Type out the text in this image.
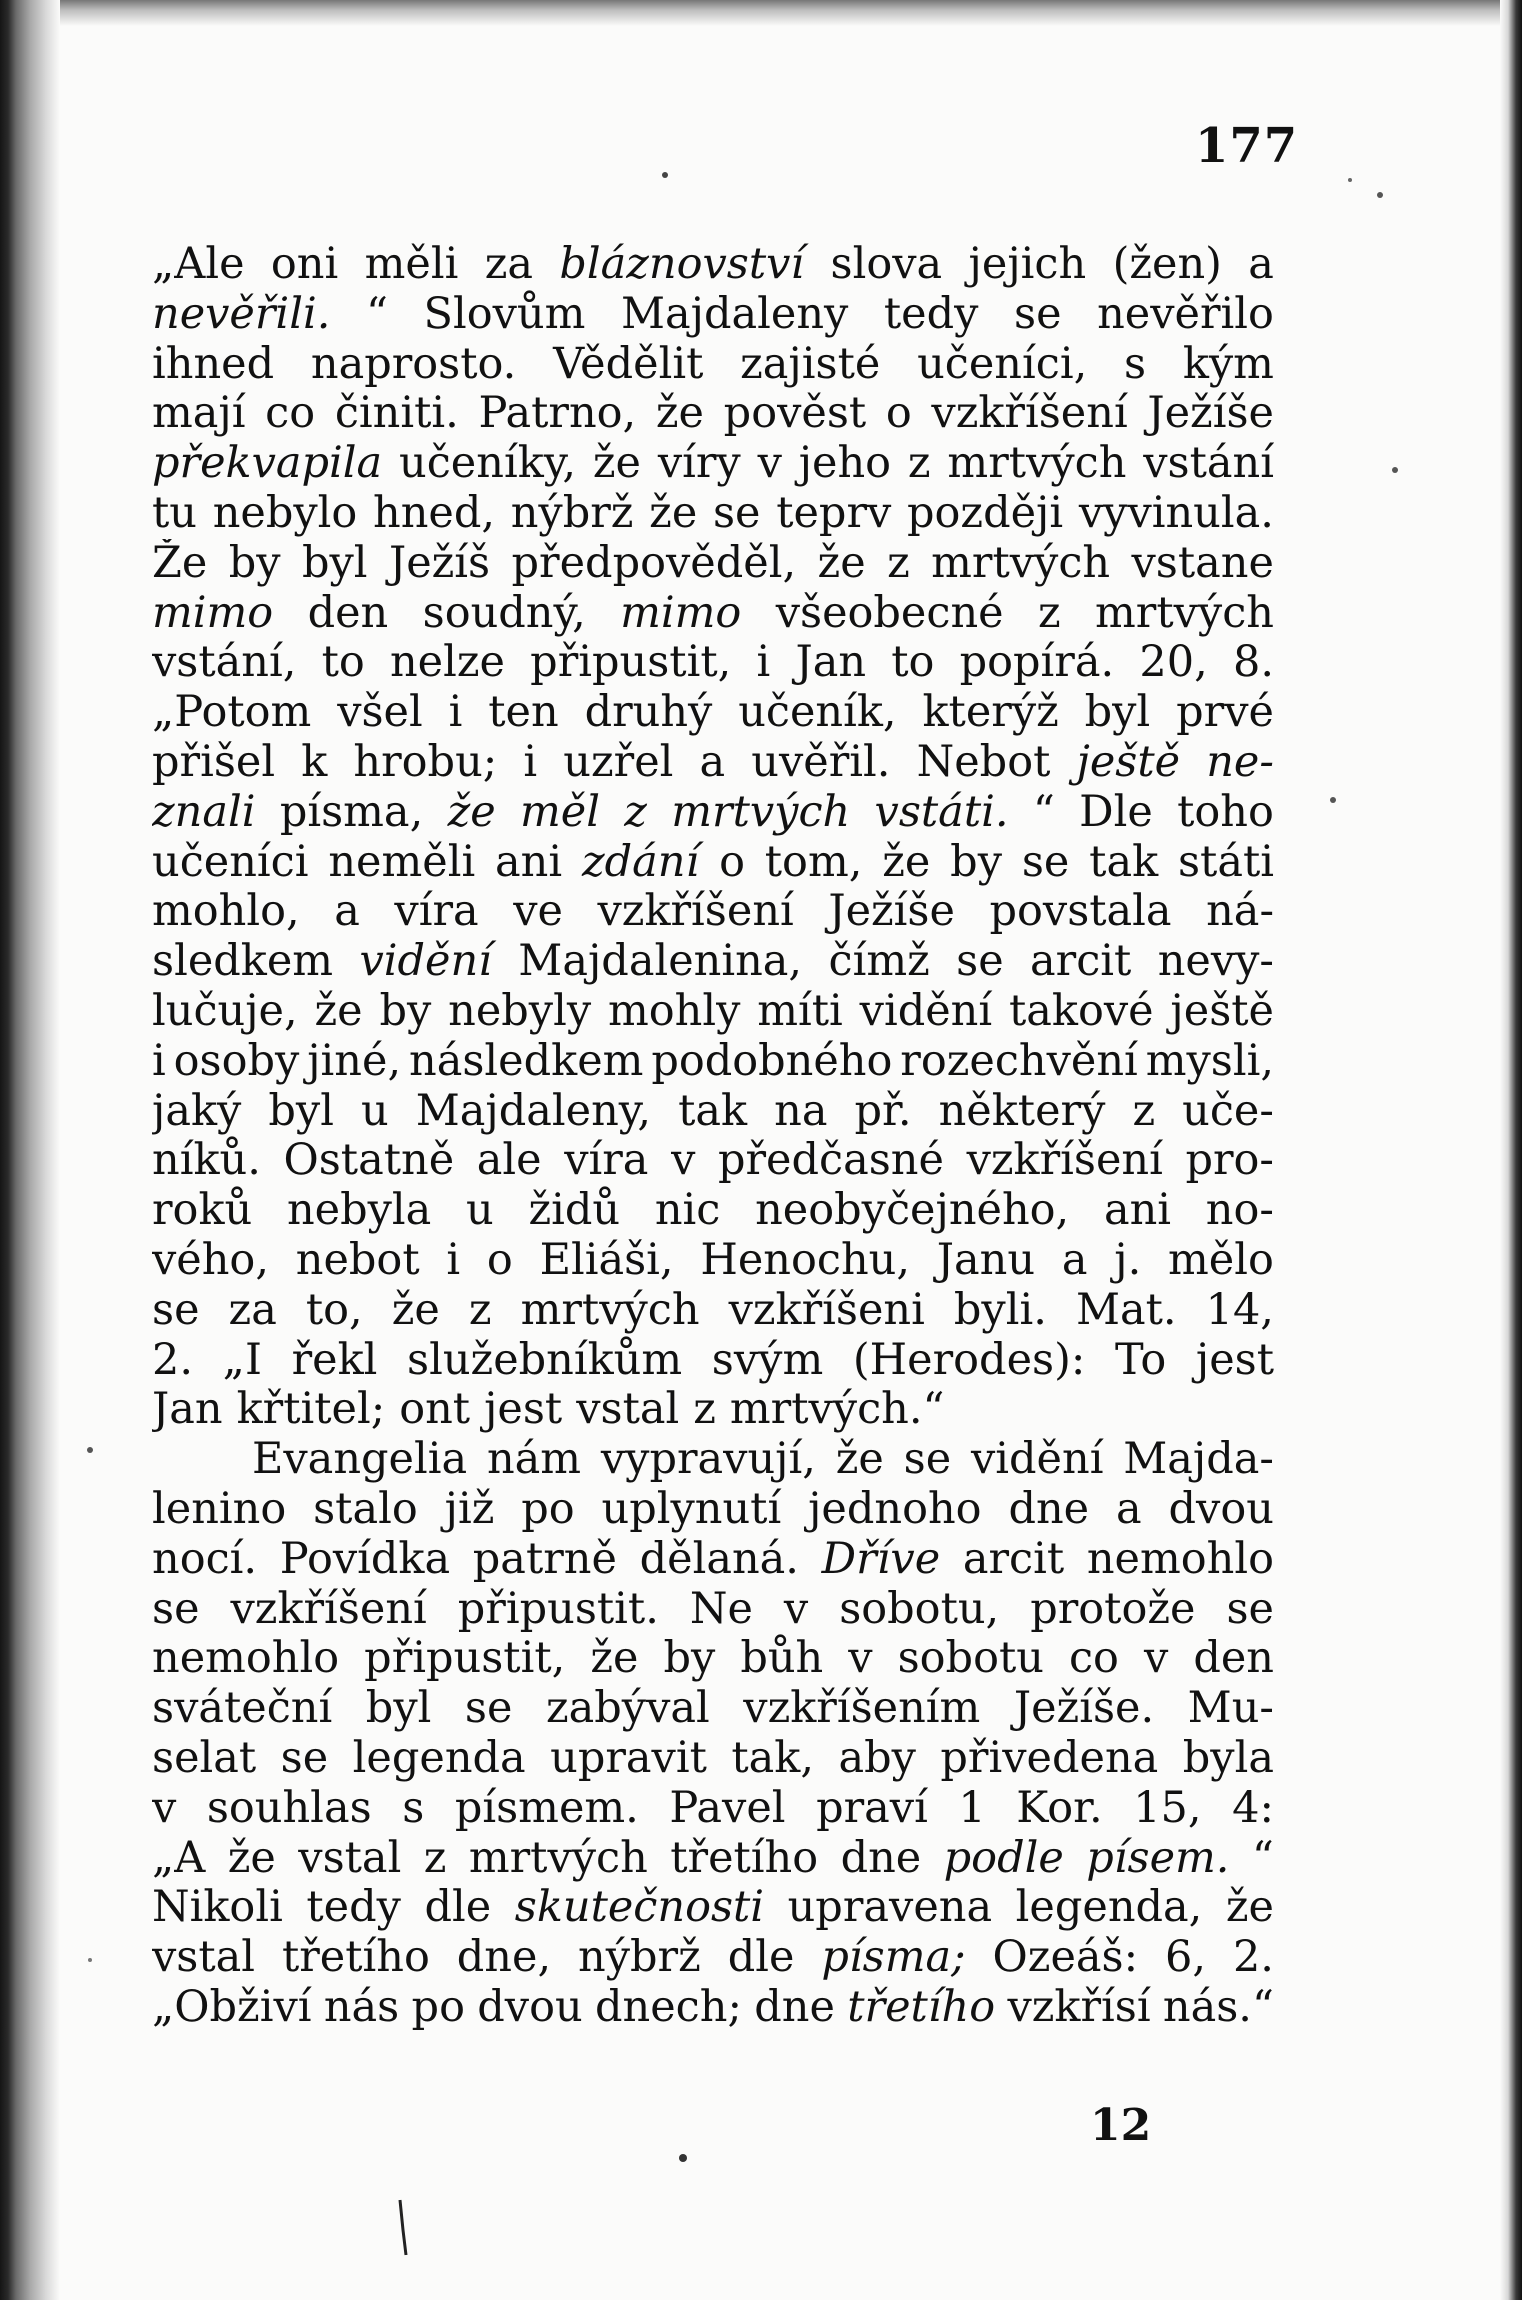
177
„Ale oni měli za bláznovství slova jejich (žen) a
nevěřili. “ Slovům Majdaleny tedy se nevěřilo
ihned naprosto. Vědělit zajisté učeníci, s kým
mají co činiti. Patrno, že pověst o vzkříšení Ježíše
překvapila učeníky, že víry v jeho z mrtvých vstání
tu nebylo hned, nýbrž že se teprv později vyvinula.
Že by byl Ježíš předpověděl, že z mrtvých vstane
mimo den soudný, mimo všeobecné z mrtvých
vstání, to nelze připustit, i Jan to popírá. 20, 8.
„Potom všel i ten druhý učeník, kterýž byl prvé
přišel k hrobu; i uzřel a uvěřil. Nebot ještě ne-
znali písma, že měl z mrtvých vstáti. “ Dle toho
učeníci neměli ani zdání o tom, že by se tak státi
mohlo, a víra ve vzkříšení Ježíše povstala ná-
sledkem vidění Majdalenina, čímž se arcit nevy-
lučuje, že by nebyly mohly míti vidění takové ještě
i osoby jiné, následkem podobného rozechvění mysli,
jaký byl u Majdaleny, tak na př. některý z uče-
níků. Ostatně ale víra v předčasné vzkříšení pro-
roků nebyla u židů nic neobyčejného, ani no-
vého, nebot i o Eliáši, Henochu, Janu a j. mělo
se za to, že z mrtvých vzkříšeni byli. Mat. 14,
2. „I řekl služebníkům svým (Herodes): To jest
Jan křtitel; ont jest vstal z mrtvých.“
Evangelia nám vypravují, že se vidění Majda-
lenino stalo již po uplynutí jednoho dne a dvou
nocí. Povídka patrně dělaná. Dříve arcit nemohlo
se vzkříšení připustit. Ne v sobotu, protože se
nemohlo připustit, že by bůh v sobotu co v den
sváteční byl se zabýval vzkříšením Ježíše. Mu-
selat se legenda upravit tak, aby přivedena byla
v souhlas s písmem. Pavel praví 1 Kor. 15, 4:
„A že vstal z mrtvých třetího dne podle písem. “
Nikoli tedy dle skutečnosti upravena legenda, že
vstal třetího dne, nýbrž dle písma; Ozeáš: 6, 2.
„Obživí nás po dvou dnech; dne třetího vzkřísí nás.“
12
